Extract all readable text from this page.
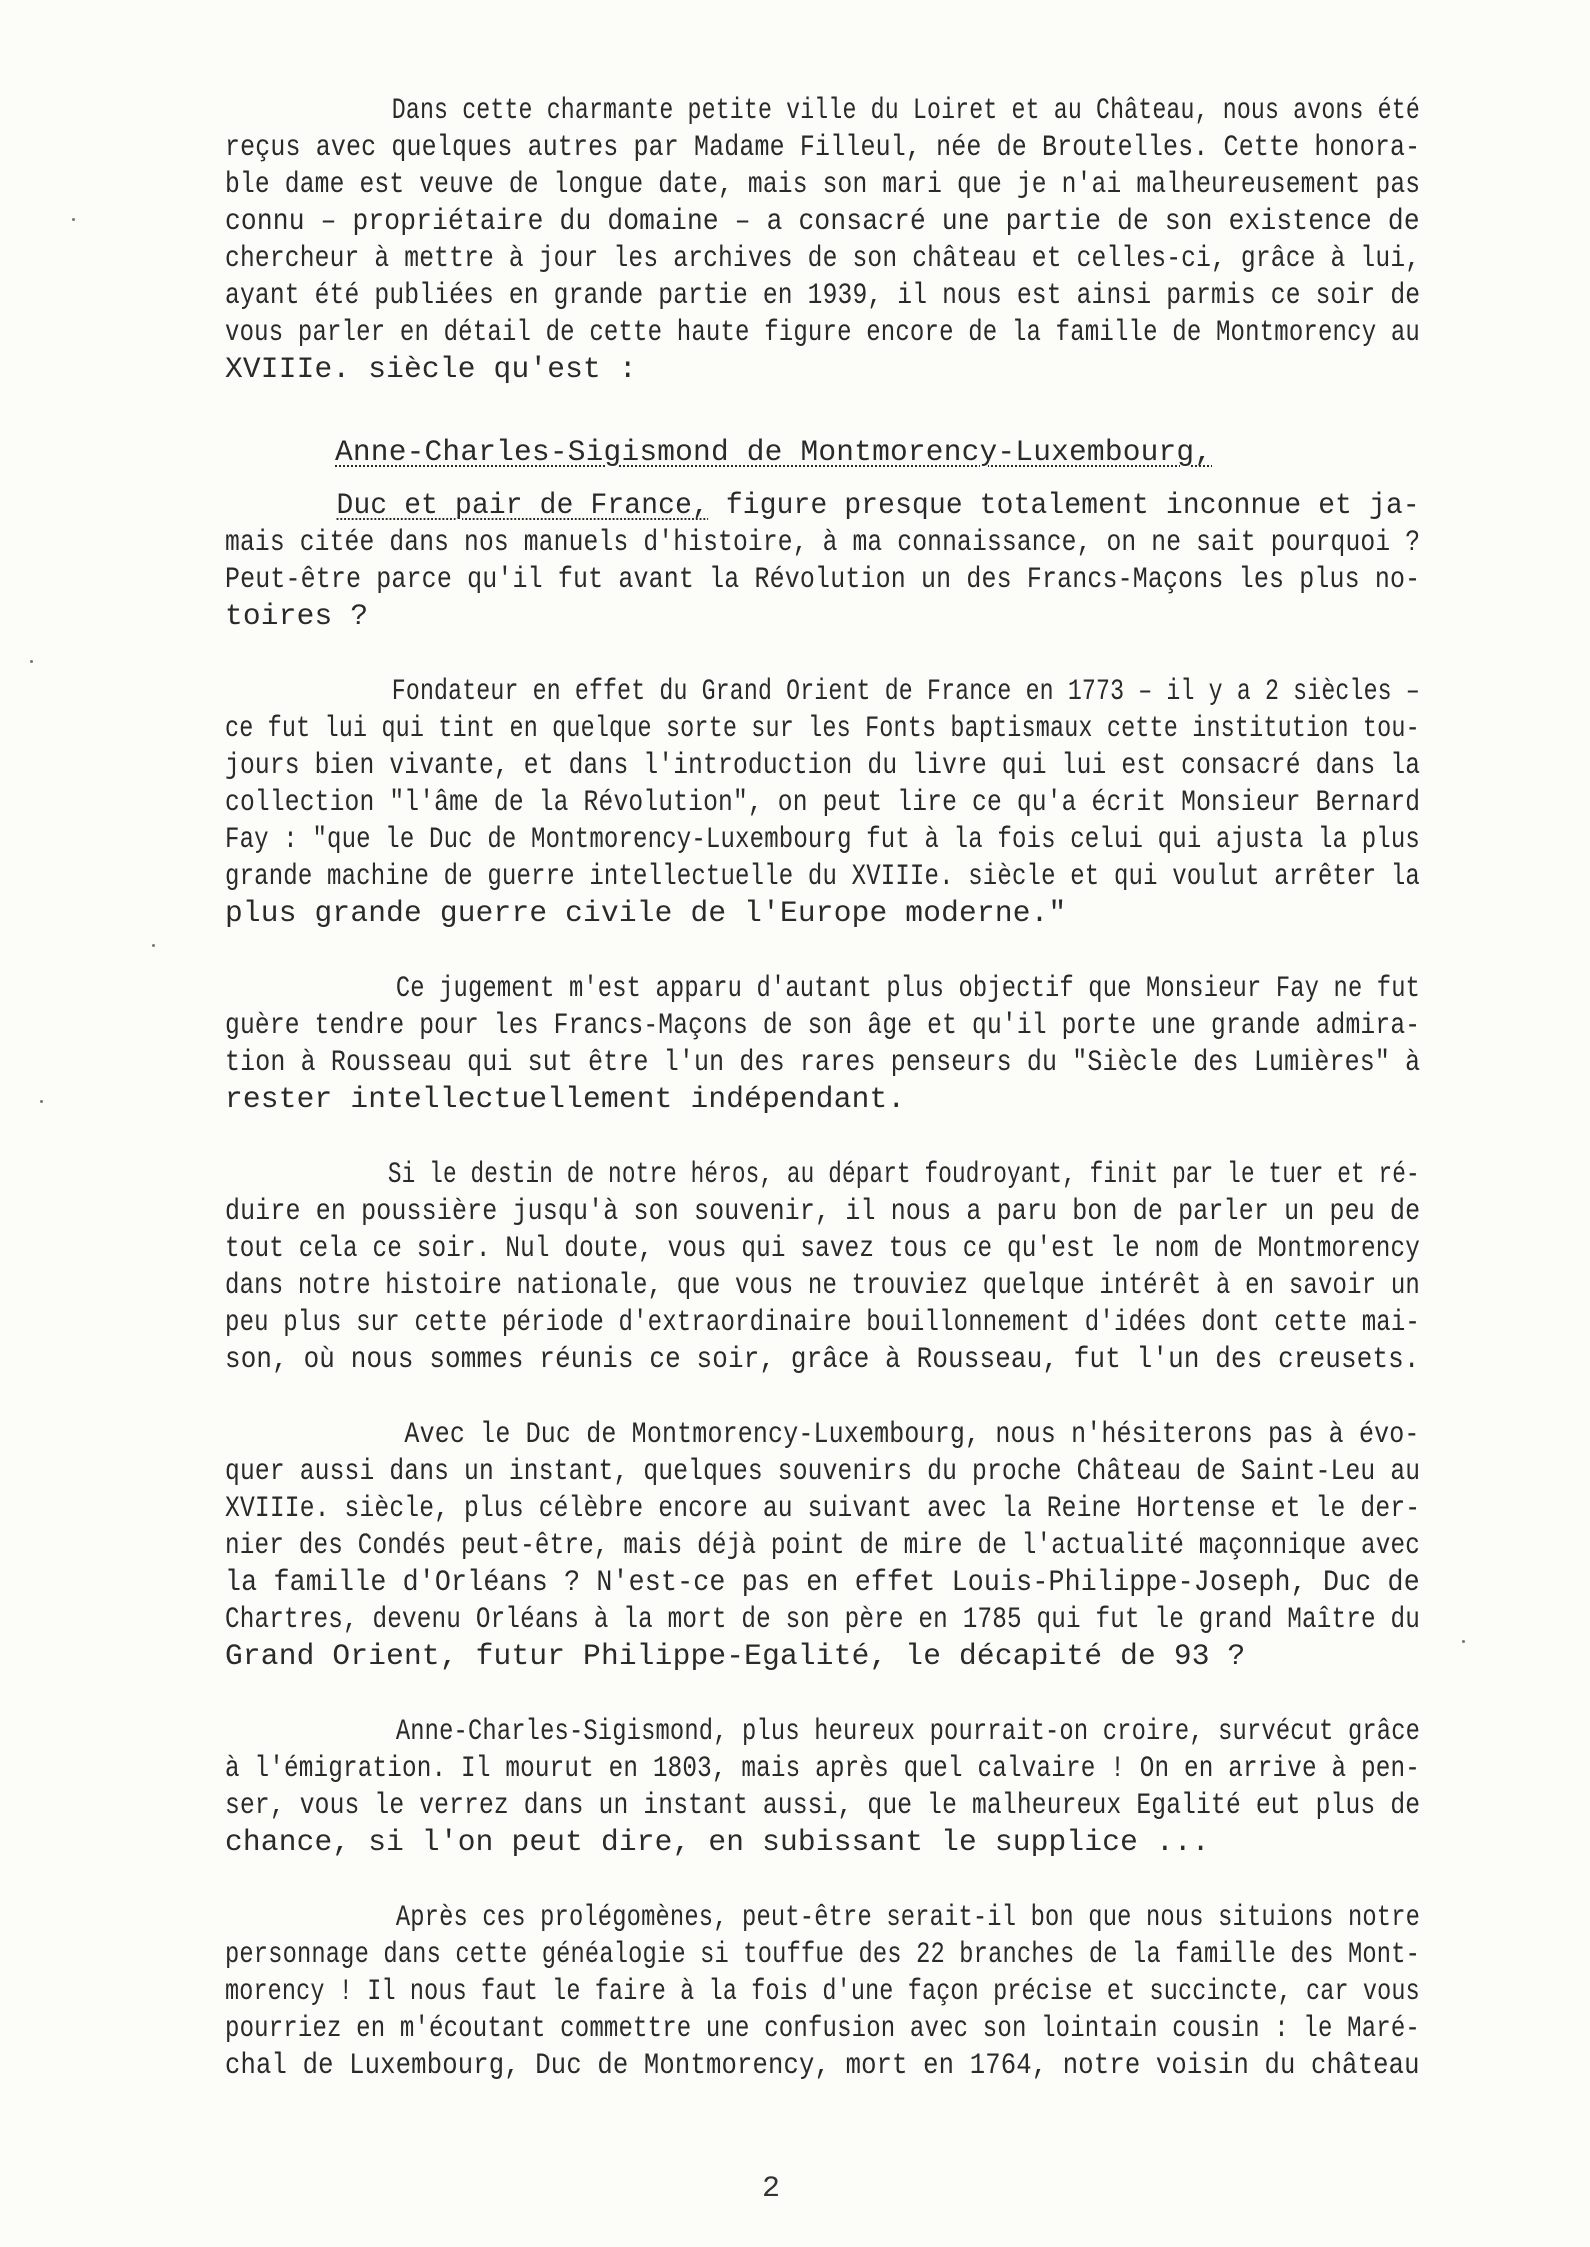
Dans cette charmante petite ville du Loiret et au Château, nous avons été
reçus avec quelques autres par Madame Filleul, née de Broutelles. Cette honora-
ble dame est veuve de longue date, mais son mari que je n'ai malheureusement pas
connu – propriétaire du domaine – a consacré une partie de son existence de
chercheur à mettre à jour les archives de son château et celles-ci, grâce à lui,
ayant été publiées en grande partie en 1939, il nous est ainsi parmis ce soir de
vous parler en détail de cette haute figure encore de la famille de Montmorency au
XVIIIe. siècle qu'est :
Anne-Charles-Sigismond de Montmorency-Luxembourg,
Duc et pair de France, figure presque totalement inconnue et ja-
mais citée dans nos manuels d'histoire, à ma connaissance, on ne sait pourquoi ?
Peut-être parce qu'il fut avant la Révolution un des Francs-Maçons les plus no-
toires ?
Fondateur en effet du Grand Orient de France en 1773 – il y a 2 siècles –
ce fut lui qui tint en quelque sorte sur les Fonts baptismaux cette institution tou-
jours bien vivante, et dans l'introduction du livre qui lui est consacré dans la
collection "l'âme de la Révolution", on peut lire ce qu'a écrit Monsieur Bernard
Fay : "que le Duc de Montmorency-Luxembourg fut à la fois celui qui ajusta la plus
grande machine de guerre intellectuelle du XVIIIe. siècle et qui voulut arrêter la
plus grande guerre civile de l'Europe moderne."
Ce jugement m'est apparu d'autant plus objectif que Monsieur Fay ne fut
guère tendre pour les Francs-Maçons de son âge et qu'il porte une grande admira-
tion à Rousseau qui sut être l'un des rares penseurs du "Siècle des Lumières" à
rester intellectuellement indépendant.
Si le destin de notre héros, au départ foudroyant, finit par le tuer et ré-
duire en poussière jusqu'à son souvenir, il nous a paru bon de parler un peu de
tout cela ce soir. Nul doute, vous qui savez tous ce qu'est le nom de Montmorency
dans notre histoire nationale, que vous ne trouviez quelque intérêt à en savoir un
peu plus sur cette période d'extraordinaire bouillonnement d'idées dont cette mai-
son, où nous sommes réunis ce soir, grâce à Rousseau, fut l'un des creusets.
Avec le Duc de Montmorency-Luxembourg, nous n'hésiterons pas à évo-
quer aussi dans un instant, quelques souvenirs du proche Château de Saint-Leu au
XVIIIe. siècle, plus célèbre encore au suivant avec la Reine Hortense et le der-
nier des Condés peut-être, mais déjà point de mire de l'actualité maçonnique avec
la famille d'Orléans ? N'est-ce pas en effet Louis-Philippe-Joseph, Duc de
Chartres, devenu Orléans à la mort de son père en 1785 qui fut le grand Maître du
Grand Orient, futur Philippe-Egalité, le décapité de 93 ?
Anne-Charles-Sigismond, plus heureux pourrait-on croire, survécut grâce
à l'émigration. Il mourut en 1803, mais après quel calvaire ! On en arrive à pen-
ser, vous le verrez dans un instant aussi, que le malheureux Egalité eut plus de
chance, si l'on peut dire, en subissant le supplice ...
Après ces prolégomènes, peut-être serait-il bon que nous situions notre
personnage dans cette généalogie si touffue des 22 branches de la famille des Mont-
morency ! Il nous faut le faire à la fois d'une façon précise et succincte, car vous
pourriez en m'écoutant commettre une confusion avec son lointain cousin : le Maré-
chal de Luxembourg, Duc de Montmorency, mort en 1764, notre voisin du château
2
